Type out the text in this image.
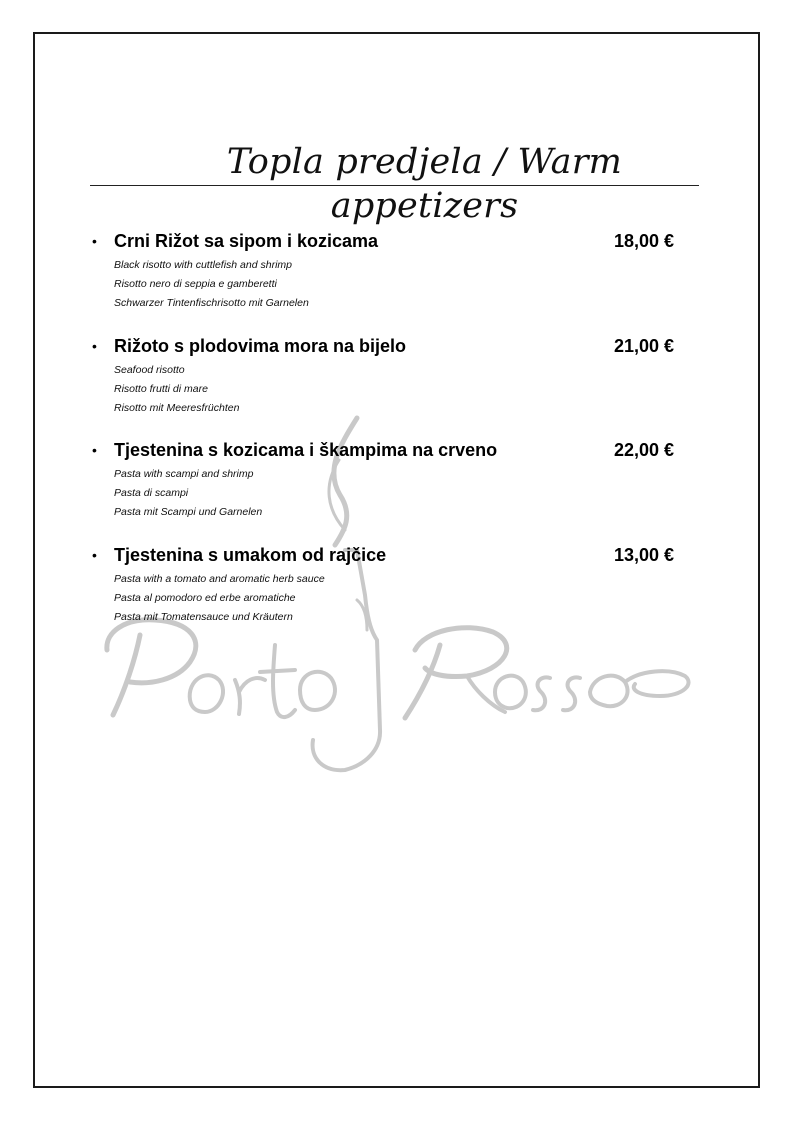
Topla predjela / Warm appetizers
• Crni Rižot sa sipom i kozicama	18,00 €
Black risotto with cuttlefish and shrimp
Risotto nero di seppia e gamberetti
Schwarzer Tintenfischrisotto mit Garnelen
• Rižoto s plodovima mora na bijelo	21,00 €
Seafood risotto
Risotto frutti di mare
Risotto mit Meeresfrüchten
• Tjestenina s kozicama i škampima na crveno	22,00 €
Pasta with scampi and shrimp
Pasta di scampi
Pasta mit Scampi und Garnelen
• Tjestenina s umakom od rajčice	13,00 €
Pasta with a tomato and aromatic herb sauce
Pasta al pomodoro ed erbe aromatiche
Pasta mit Tomatensauce und Kräutern
